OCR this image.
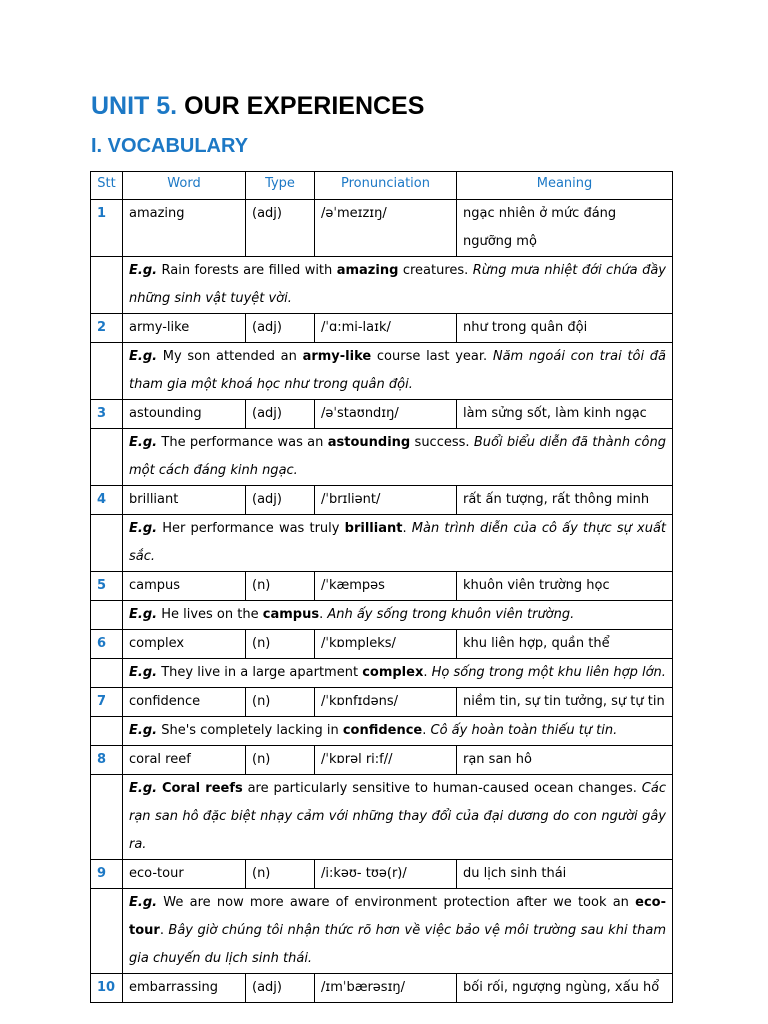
UNIT 5. OUR EXPERIENCES
I. VOCABULARY
Stt	Word	Type	Pronunciation	Meaning
1	amazing	(adj)	/əˈmeɪzɪŋ/	ngạc nhiên ở mức đáng ngưỡng mộ
	E.g. Rain forests are filled with amazing creatures. Rừng mưa nhiệt đới chứa đầy những sinh vật tuyệt vời.			
2	army-like	(adj)	/ˈɑ:mi-laɪk/	như trong quân đội
	E.g. My son attended an army-like course last year. Năm ngoái con trai tôi đã tham gia một khoá học như trong quân đội.			
3	astounding	(adj)	/əˈstaʊndɪŋ/	làm sửng sốt, làm kinh ngạc
	E.g. The performance was an astounding success. Buổi biểu diễn đã thành công một cách đáng kinh ngạc.			
4	brilliant	(adj)	/ˈbrɪliənt/	rất ấn tượng, rất thông minh
	E.g. Her performance was truly brilliant. Màn trình diễn của cô ấy thực sự xuất sắc.			
5	campus	(n)	/ˈkæmpəs	khuôn viên trường học
	E.g. He lives on the campus. Anh ấy sống trong khuôn viên trường.			
6	complex	(n)	/ˈkɒmpleks/	khu liên hợp, quần thể
	E.g. They live in a large apartment complex. Họ sống trong một khu liên hợp lớn.			
7	confidence	(n)	/ˈkɒnfɪdəns/	niềm tin, sự tin tưởng, sự tự tin
	E.g. She's completely lacking in confidence. Cô ấy hoàn toàn thiếu tự tin.			
8	coral reef	(n)	/ˈkɒrəl ri:f//	rạn san hô
	E.g. Coral reefs are particularly sensitive to human-caused ocean changes. Các rạn san hô đặc biệt nhạy cảm với những thay đổi của đại dương do con người gây ra.			
9	eco-tour	(n)	/i:kəʊ- tʊə(r)/	du lịch sinh thái
	E.g. We are now more aware of environment protection after we took an eco-tour. Bây giờ chúng tôi nhận thức rõ hơn về việc bảo vệ môi trường sau khi tham gia chuyến du lịch sinh thái.			
10	embarrassing	(adj)	/ɪmˈbærəsɪŋ/	bối rối, ngượng ngùng, xấu hổ
